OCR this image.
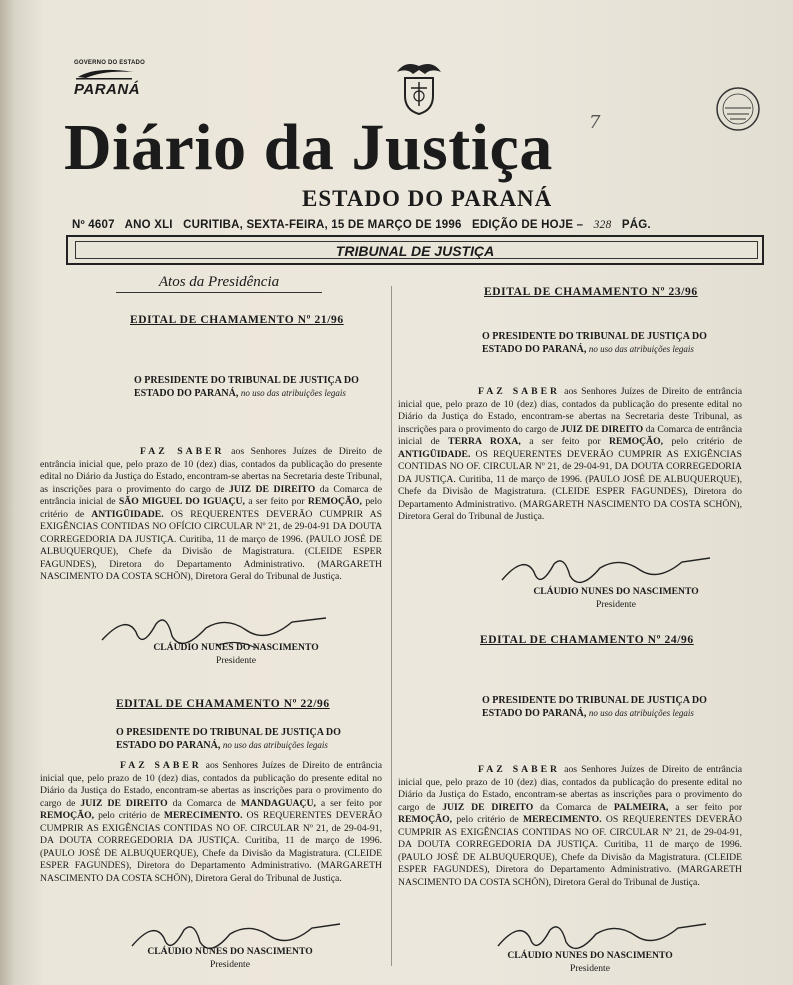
GOVERNO DO ESTADO
PARANÁ
7
Diário da Justiça
ESTADO DO PARANÁ
Nº 4607 ANO XLI CURITIBA, SEXTA-FEIRA, 15 DE MARÇO DE 1996 EDIÇÃO DE HOJE – 328 PÁG.
TRIBUNAL DE JUSTIÇA
Atos da Presidência
EDITAL DE CHAMAMENTO Nº 21/96
O PRESIDENTE DO TRIBUNAL DE JUSTIÇA DO ESTADO DO PARANÁ, no uso das atribuições legais
FAZ SABER aos Senhores Juízes de Direito de entrância inicial que, pelo prazo de 10 (dez) dias, contados da publicação do presente edital no Diário da Justiça do Estado, encontram-se abertas na Secretaria deste Tribunal, as inscrições para o provimento do cargo de JUIZ DE DIREITO da Comarca de entrância inicial de SÃO MIGUEL DO IGUAÇU, a ser feito por REMOÇÃO, pelo critério de ANTIGÜIDADE. OS REQUERENTES DEVERÃO CUMPRIR AS EXIGÊNCIAS CONTIDAS NO OFÍCIO CIRCULAR Nº 21, de 29-04-91 DA DOUTA CORREGEDORIA DA JUSTIÇA. Curitiba, 11 de março de 1996. (PAULO JOSÉ DE ALBUQUERQUE), Chefe da Divisão de Magistratura. (CLEIDE ESPER FAGUNDES), Diretora do Departamento Administrativo. (MARGARETH NASCIMENTO DA COSTA SCHÖN), Diretora Geral do Tribunal de Justiça.
CLÁUDIO NUNES DO NASCIMENTO
Presidente
EDITAL DE CHAMAMENTO Nº 22/96
O PRESIDENTE DO TRIBUNAL DE JUSTIÇA DO ESTADO DO PARANÁ, no uso das atribuições legais
FAZ SABER aos Senhores Juízes de Direito de entrância inicial que, pelo prazo de 10 (dez) dias, contados da publicação do presente edital no Diário da Justiça do Estado, encontram-se abertas as inscrições para o provimento do cargo de JUIZ DE DIREITO da Comarca de MANDAGUAÇU, a ser feito por REMOÇÃO, pelo critério de MERECIMENTO. OS REQUERENTES DEVERÃO CUMPRIR AS EXIGÊNCIAS CONTIDAS NO OF. CIRCULAR Nº 21, de 29-04-91, DA DOUTA CORREGEDORIA DA JUSTIÇA. Curitiba, 11 de março de 1996. (PAULO JOSÉ DE ALBUQUERQUE), Chefe da Divisão da Magistratura. (CLEIDE ESPER FAGUNDES), Diretora do Departamento Administrativo. (MARGARETH NASCIMENTO DA COSTA SCHÖN), Diretora Geral do Tribunal de Justiça.
CLÁUDIO NUNES DO NASCIMENTO
Presidente
EDITAL DE CHAMAMENTO Nº 23/96
O PRESIDENTE DO TRIBUNAL DE JUSTIÇA DO ESTADO DO PARANÁ, no uso das atribuições legais
FAZ SABER aos Senhores Juízes de Direito de entrância inicial que, pelo prazo de 10 (dez) dias, contados da publicação do presente edital no Diário da Justiça do Estado, encontram-se abertas na Secretaria deste Tribunal, as inscrições para o provimento do cargo de JUIZ DE DIREITO da Comarca de entrância inicial de TERRA ROXA, a ser feito por REMOÇÃO, pelo critério de ANTIGÜIDADE. OS REQUERENTES DEVERÃO CUMPRIR AS EXIGÊNCIAS CONTIDAS NO OF. CIRCULAR Nº 21, de 29-04-91, DA DOUTA CORREGEDORIA DA JUSTIÇA. Curitiba, 11 de março de 1996. (PAULO JOSÉ DE ALBUQUERQUE), Chefe da Divisão de Magistratura. (CLEIDE ESPER FAGUNDES), Diretora do Departamento Administrativo. (MARGARETH NASCIMENTO DA COSTA SCHÖN), Diretora Geral do Tribunal de Justiça.
CLÁUDIO NUNES DO NASCIMENTO
Presidente
EDITAL DE CHAMAMENTO Nº 24/96
O PRESIDENTE DO TRIBUNAL DE JUSTIÇA DO ESTADO DO PARANÁ, no uso das atribuições legais
FAZ SABER aos Senhores Juízes de Direito de entrância inicial que, pelo prazo de 10 (dez) dias, contados da publicação do presente edital no Diário da Justiça do Estado, encontram-se abertas as inscrições para o provimento do cargo de JUIZ DE DIREITO da Comarca de PALMEIRA, a ser feito por REMOÇÃO, pelo critério de MERECIMENTO. OS REQUERENTES DEVERÃO CUMPRIR AS EXIGÊNCIAS CONTIDAS NO OF. CIRCULAR Nº 21, de 29-04-91, DA DOUTA CORREGEDORIA DA JUSTIÇA. Curitiba, 11 de março de 1996. (PAULO JOSÉ DE ALBUQUERQUE), Chefe da Divisão da Magistratura. (CLEIDE ESPER FAGUNDES), Diretora do Departamento Administrativo. (MARGARETH NASCIMENTO DA COSTA SCHÖN), Diretora Geral do Tribunal de Justiça.
CLÁUDIO NUNES DO NASCIMENTO
Presidente
